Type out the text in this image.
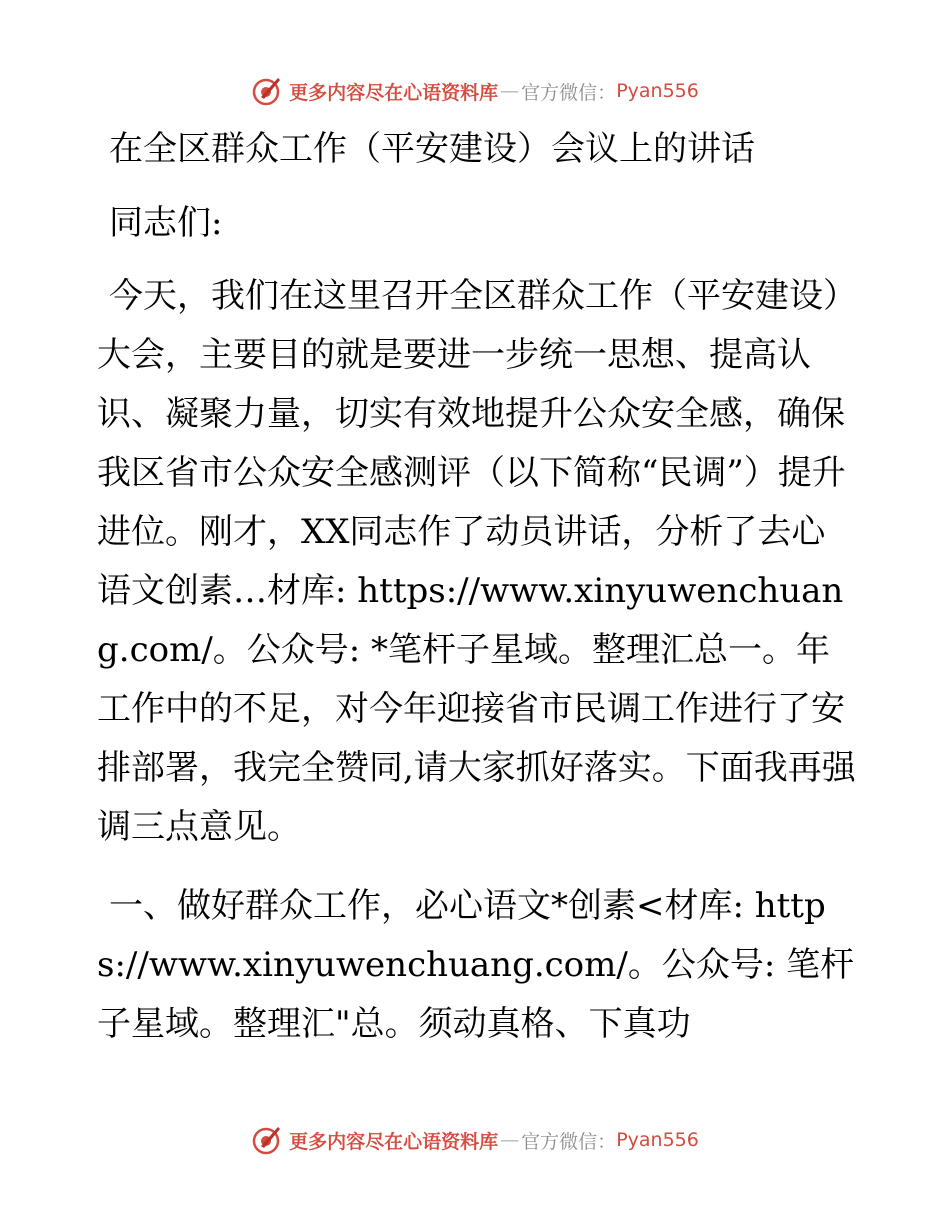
更多内容尽在心语资料库 — 官方微信： Pyan556

在全区群众工作（平安建设）会议上的讲话

同志们:

今天，我们在这里召开全区群众工作（平安建设）大会，主要目的就是要进一步统一思想、提高认识、凝聚力量，切实有效地提升公众安全感，确保我区省市公众安全感测评（以下简称“民调”）提升进位。刚才，XX同志作了动员讲话，分析了去心语文创素…材库: https://www.xinyuwenchuang.com/。公众号: *笔杆子星域。整理汇总一。年工作中的不足，对今年迎接省市民调工作进行了安排部署，我完全赞同,请大家抓好落实。下面我再强调三点意见。

一、做好群众工作，必心语文*创素<材库: https://www.xinyuwenchuang.com/。公众号: 笔杆子星域。整理汇"总。须动真格、下真功

更多内容尽在心语资料库 — 官方微信： Pyan556
